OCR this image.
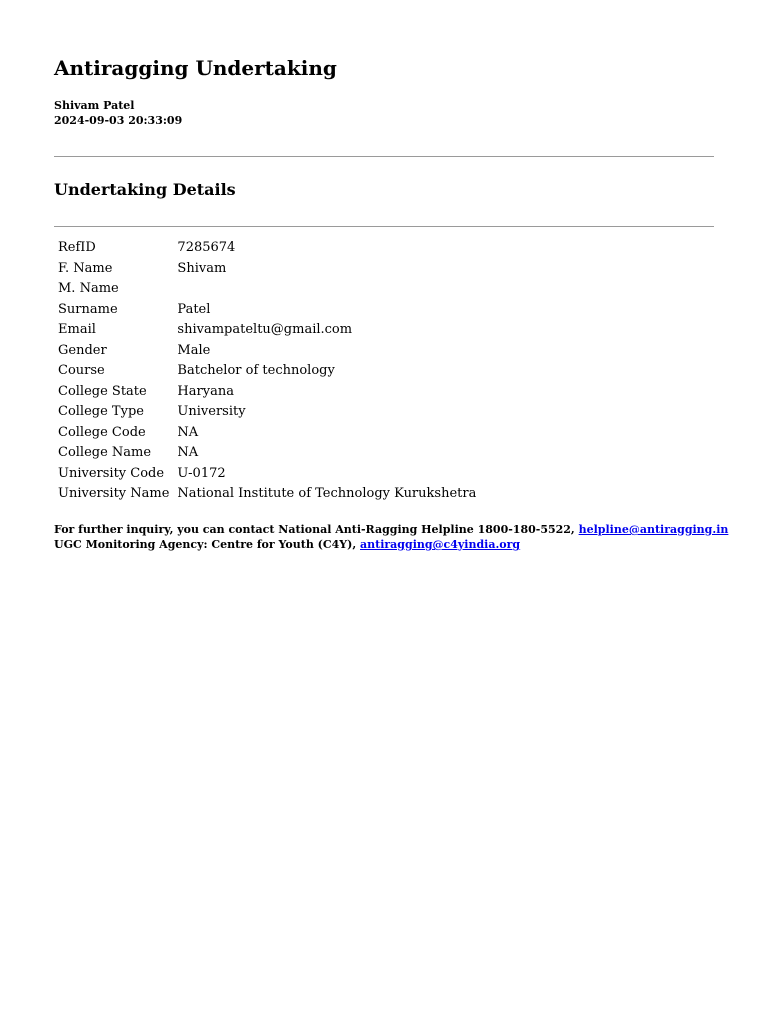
Antiragging Undertaking

Shivam Patel

2024-09-03 20:33:09

Undertaking Details
RefID	7285674
F. Name	Shivam
M. Name	
Surname	Patel
Email	shivampateltu@gmail.com
Gender	Male
Course	Batchelor of technology
College State	Haryana
College Type	University
College Code	NA
College Name	NA
University Code	U-0172
University Name	National Institute of Technology Kurukshetra

For further inquiry, you can contact National Anti-Ragging Helpline 1800-180-5522, helpline@antiragging.in

UGC Monitoring Agency: Centre for Youth (C4Y), antiragging@c4yindia.org
